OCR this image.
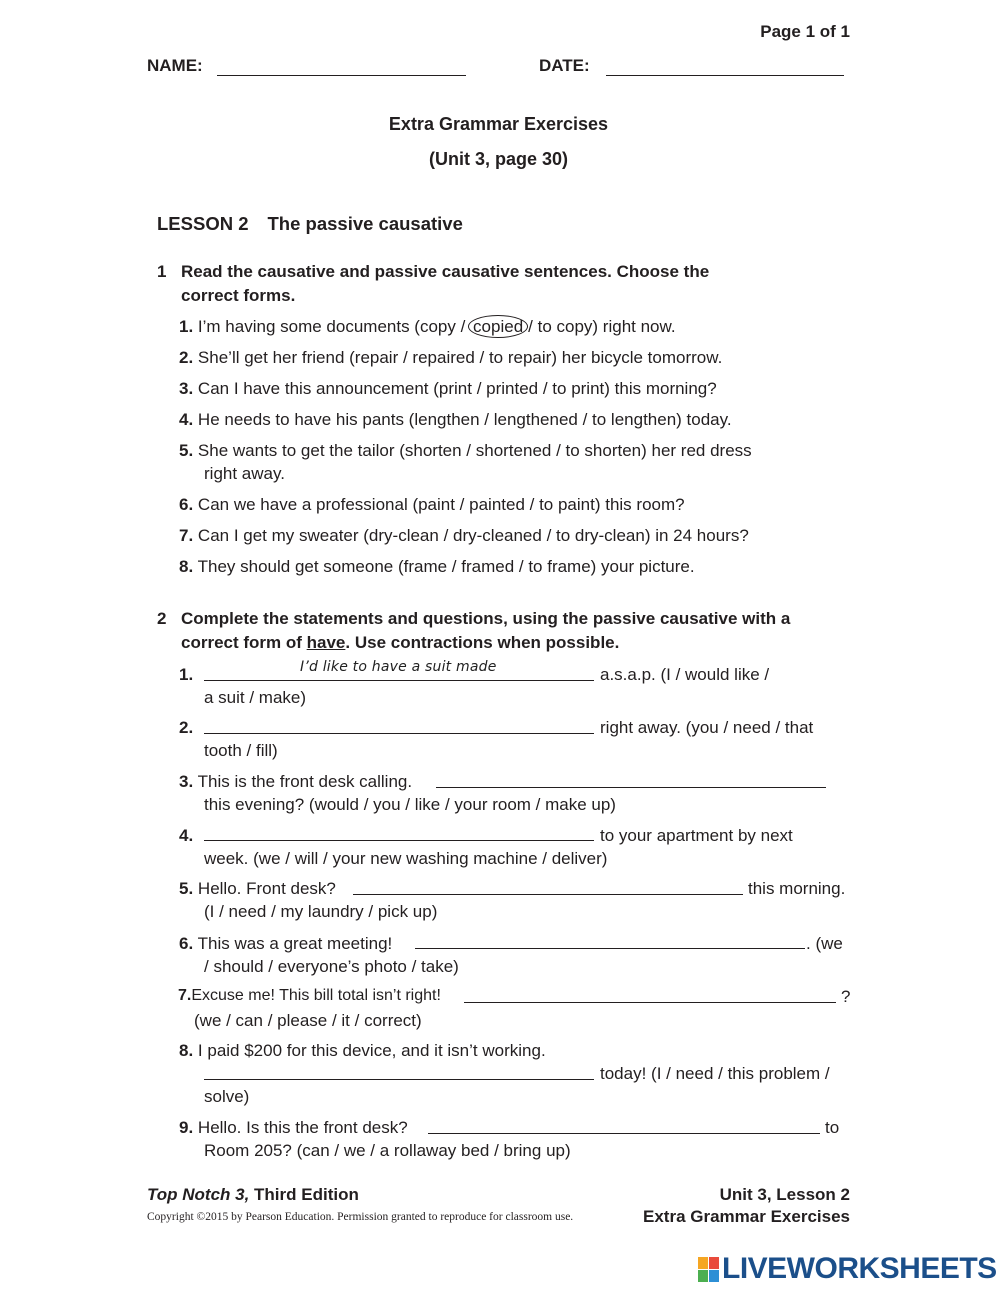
Page 1 of 1
NAME:	DATE:
Extra Grammar Exercises
(Unit 3, page 30)
LESSON 2 The passive causative
1 Read the causative and passive causative sentences. Choose the
correct forms.
1. I’m having some documents (copy / copied / to copy) right now.
2. She’ll get her friend (repair / repaired / to repair) her bicycle tomorrow.
3. Can I have this announcement (print / printed / to print) this morning?
4. He needs to have his pants (lengthen / lengthened / to lengthen) today.
5. She wants to get the tailor (shorten / shortened / to shorten) her red dress
right away.
6. Can we have a professional (paint / painted / to paint) this room?
7. Can I get my sweater (dry-clean / dry-cleaned / to dry-clean) in 24 hours?
8. They should get someone (frame / framed / to frame) your picture.
2 Complete the statements and questions, using the passive causative with a
correct form of have. Use contractions when possible.
1.	I’d like to have a suit made	a.s.a.p. (I / would like /
a suit / make)
2.	right away. (you / need / that
tooth / fill)
3. This is the front desk calling.
this evening? (would / you / like / your room / make up)
4.	to your apartment by next
week. (we / will / your new washing machine / deliver)
5. Hello. Front desk?	this morning.
(I / need / my laundry / pick up)
6. This was a great meeting!	. (we
/ should / everyone’s photo / take)
7.Excuse me! This bill total isn’t right!	?
(we / can / please / it / correct)
8. I paid $200 for this device, and it isn’t working.
today! (I / need / this problem /
solve)
9. Hello. Is this the front desk?	to
Room 205? (can / we / a rollaway bed / bring up)
Top Notch 3, Third Edition
Copyright ©2015 by Pearson Education. Permission granted to reproduce for classroom use.
Unit 3, Lesson 2
Extra Grammar Exercises
LIVEWORKSHEETS
